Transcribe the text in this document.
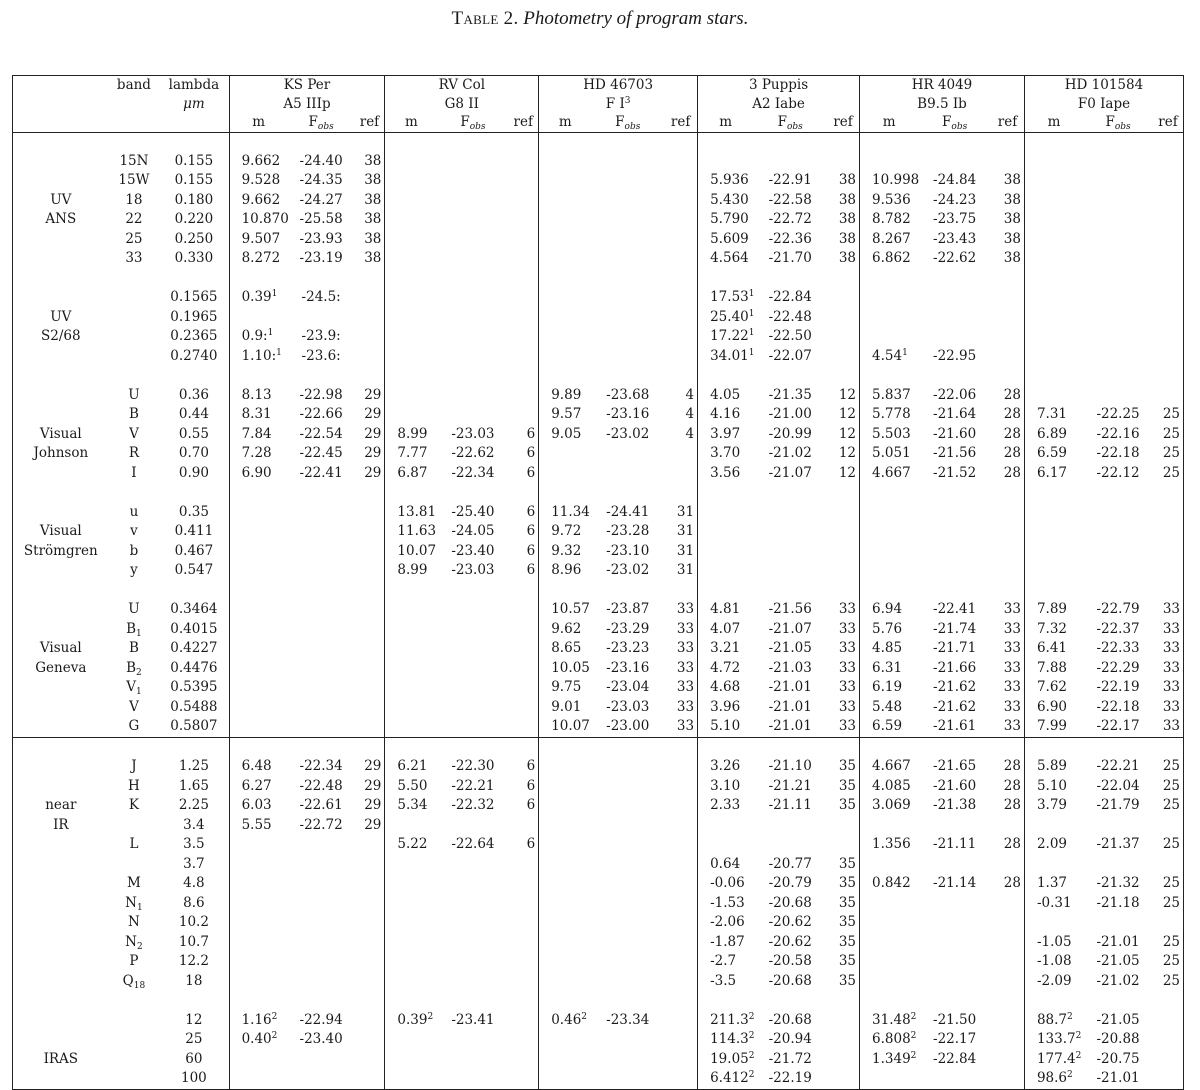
Table 2. Photometry of program stars.
	band	lambda	KS Per			RV Col			HD 46703			3 Puppis			HR 4049			HD 101584		
		μm	A5 IIIp			G8 II			F $I^3$			A2 Iabe			B9.5 Ib			F0 Iape		
			m	$F_{obs}$	ref	m	$F_{obs}$	ref	m	$F_{obs}$	ref	m	$F_{obs}$	ref	m	$F_{obs}$	ref	m	$F_{obs}$	ref

	15N	0.155	9.662	-24.40	38															
	15W	0.155	9.528	-24.35	38							5.936	-22.91	38	10.998	-24.84	38			
UV	18	0.180	9.662	-24.27	38							5.430	-22.58	38	9.536	-24.23	38			
ANS	22	0.220	10.870	-25.58	38							5.790	-22.72	38	8.782	-23.75	38			
	25	0.250	9.507	-23.93	38							5.609	-22.36	38	8.267	-23.43	38			
	33	0.330	8.272	-23.19	38							4.564	-21.70	38	6.862	-22.62	38			

		0.1565	0.39$^1$	-24.5:								17.53$^1$	-22.84							
UV		0.1965										25.40$^1$	-22.48							
S2/68		0.2365	0.9:$^1$	-23.9:								17.22$^1$	-22.50							
		0.2740	1.10:$^1$	-23.6:								34.01$^1$	-22.07		4.54$^1$	-22.95				

	U	0.36	8.13	-22.98	29				9.89	-23.68	4	4.05	-21.35	12	5.837	-22.06	28			
	B	0.44	8.31	-22.66	29				9.57	-23.16	4	4.16	-21.00	12	5.778	-21.64	28	7.31	-22.25	25
Visual	V	0.55	7.84	-22.54	29	8.99	-23.03	6	9.05	-23.02	4	3.97	-20.99	12	5.503	-21.60	28	6.89	-22.16	25
Johnson	R	0.70	7.28	-22.45	29	7.77	-22.62	6				3.70	-21.02	12	5.051	-21.56	28	6.59	-22.18	25
	I	0.90	6.90	-22.41	29	6.87	-22.34	6				3.56	-21.07	12	4.667	-21.52	28	6.17	-22.12	25

	u	0.35				13.81	-25.40	6	11.34	-24.41	31									
Visual	v	0.411				11.63	-24.05	6	9.72	-23.28	31									
Strömgren	b	0.467				10.07	-23.40	6	9.32	-23.10	31									
	y	0.547				8.99	-23.03	6	8.96	-23.02	31									

	U	0.3464							10.57	-23.87	33	4.81	-21.56	33	6.94	-22.41	33	7.89	-22.79	33
	$B_1$	0.4015							9.62	-23.29	33	4.07	-21.07	33	5.76	-21.74	33	7.32	-22.37	33
Visual	B	0.4227							8.65	-23.23	33	3.21	-21.05	33	4.85	-21.71	33	6.41	-22.33	33
Geneva	$B_2$	0.4476							10.05	-23.16	33	4.72	-21.03	33	6.31	-21.66	33	7.88	-22.29	33
	$V_1$	0.5395							9.75	-23.04	33	4.68	-21.01	33	6.19	-21.62	33	7.62	-22.19	33
	V	0.5488							9.01	-23.03	33	3.96	-21.01	33	5.48	-21.62	33	6.90	-22.18	33
	G	0.5807							10.07	-23.00	33	5.10	-21.01	33	6.59	-21.61	33	7.99	-22.17	33

	J	1.25	6.48	-22.34	29	6.21	-22.30	6				3.26	-21.10	35	4.667	-21.65	28	5.89	-22.21	25
	H	1.65	6.27	-22.48	29	5.50	-22.21	6				3.10	-21.21	35	4.085	-21.60	28	5.10	-22.04	25
near	K	2.25	6.03	-22.61	29	5.34	-22.32	6				2.33	-21.11	35	3.069	-21.38	28	3.79	-21.79	25
IR		3.4	5.55	-22.72	29															
	L	3.5				5.22	-22.64	6							1.356	-21.11	28	2.09	-21.37	25
		3.7										0.64	-20.77	35						
	M	4.8										-0.06	-20.79	35	0.842	-21.14	28	1.37	-21.32	25
	$N_1$	8.6										-1.53	-20.68	35				-0.31	-21.18	25
	N	10.2										-2.06	-20.62	35						
	$N_2$	10.7										-1.87	-20.62	35				-1.05	-21.01	25
	P	12.2										-2.7	-20.58	35				-1.08	-21.05	25
	$Q_{18}$	18										-3.5	-20.68	35				-2.09	-21.02	25

		12	1.16$^2$	-22.94		0.39$^2$	-23.41		0.46$^2$	-23.34		211.3$^2$	-20.68		31.48$^2$	-21.50		88.7$^2$	-21.05	
		25	0.40$^2$	-23.40								114.3$^2$	-20.94		6.808$^2$	-22.17		133.7$^2$	-20.88	
IRAS		60										19.05$^2$	-21.72		1.349$^2$	-22.84		177.4$^2$	-20.75	
		100										6.412$^2$	-22.19					98.6$^2$	-21.01	
